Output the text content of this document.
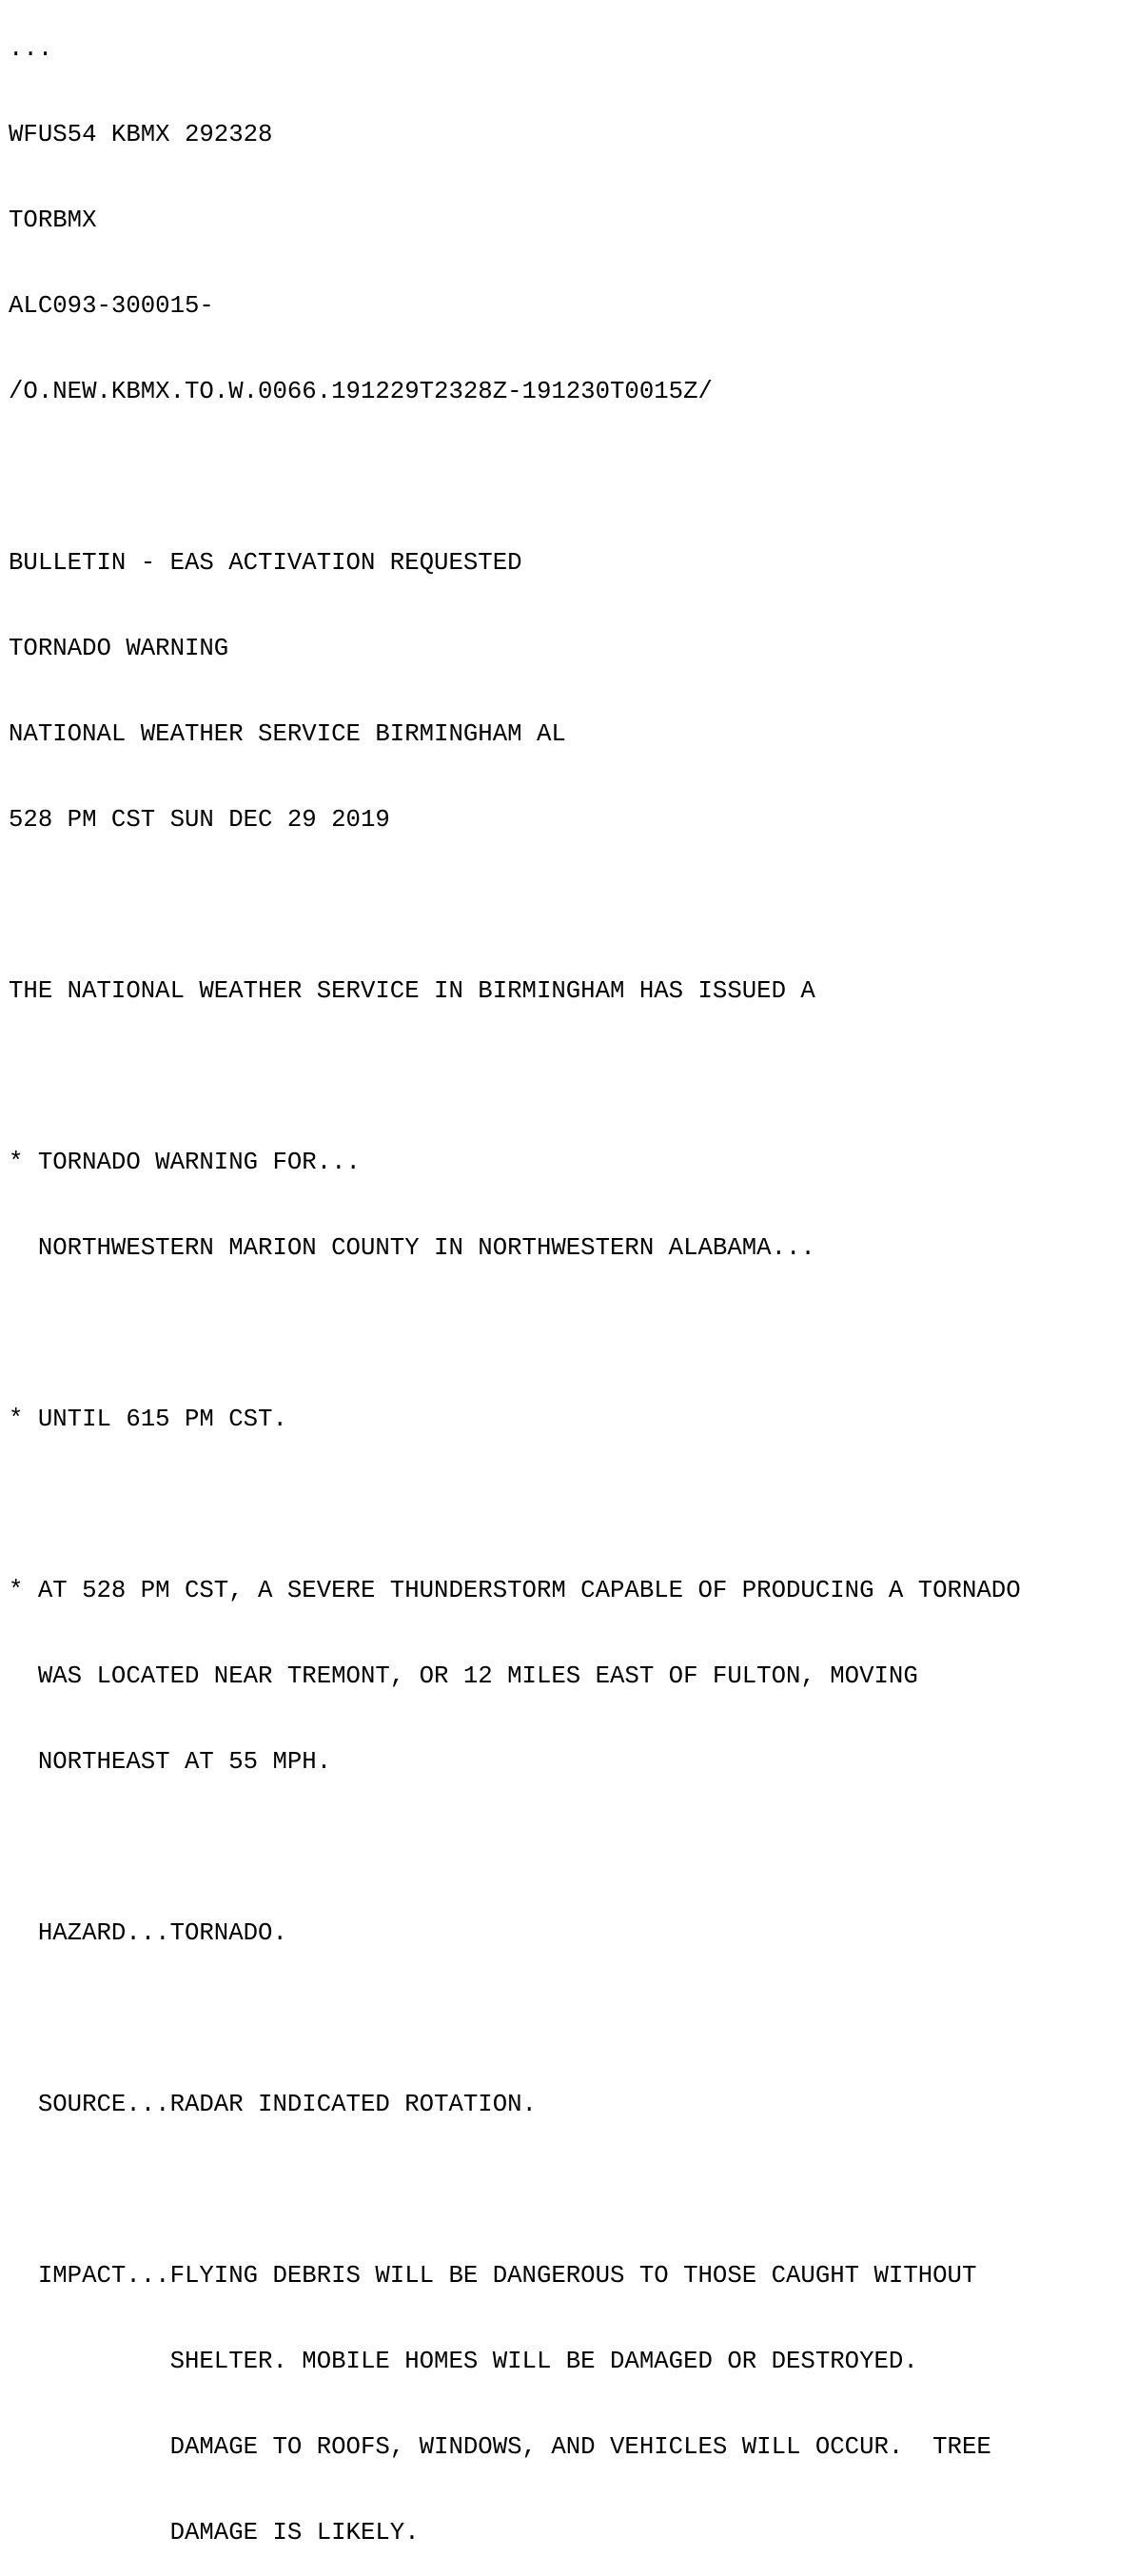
...

WFUS54 KBMX 292328

TORBMX

ALC093-300015-

/O.NEW.KBMX.TO.W.0066.191229T2328Z-191230T0015Z/

BULLETIN - EAS ACTIVATION REQUESTED

TORNADO WARNING

NATIONAL WEATHER SERVICE BIRMINGHAM AL

528 PM CST SUN DEC 29 2019

THE NATIONAL WEATHER SERVICE IN BIRMINGHAM HAS ISSUED A

* TORNADO WARNING FOR...

NORTHWESTERN MARION COUNTY IN NORTHWESTERN ALABAMA...

* UNTIL 615 PM CST.

* AT 528 PM CST, A SEVERE THUNDERSTORM CAPABLE OF PRODUCING A TORNADO

WAS LOCATED NEAR TREMONT, OR 12 MILES EAST OF FULTON, MOVING

NORTHEAST AT 55 MPH.

HAZARD...TORNADO.

SOURCE...RADAR INDICATED ROTATION.

IMPACT...FLYING DEBRIS WILL BE DANGEROUS TO THOSE CAUGHT WITHOUT

SHELTER. MOBILE HOMES WILL BE DAMAGED OR DESTROYED.

DAMAGE TO ROOFS, WINDOWS, AND VEHICLES WILL OCCUR.  TREE

DAMAGE IS LIKELY.
